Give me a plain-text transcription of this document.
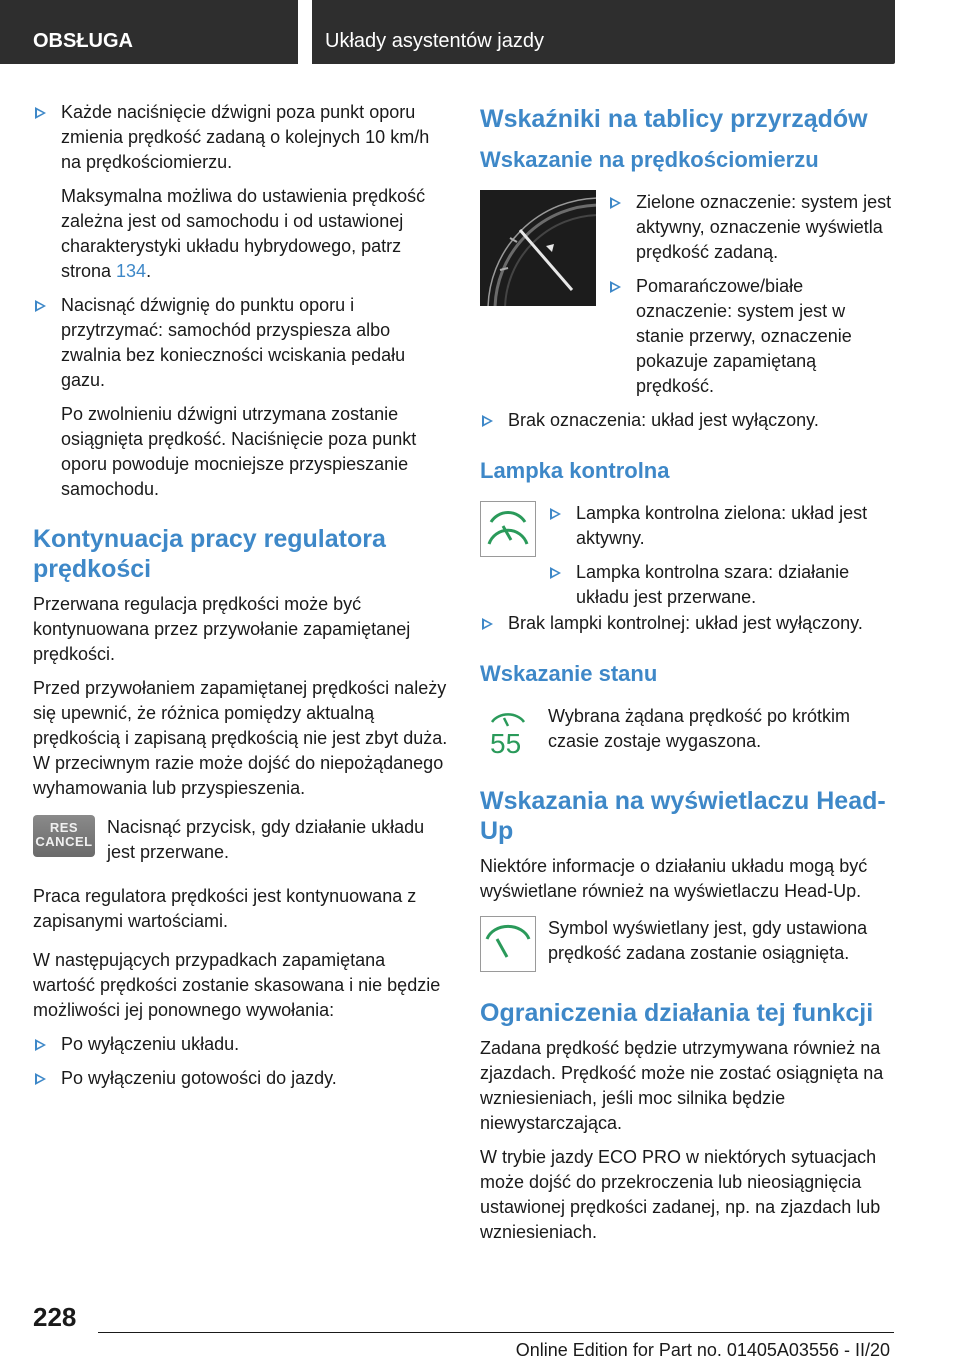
OBSŁUGA	Układy asystentów jazdy
Każde naciśnięcie dźwigni poza punkt oporu zmienia prędkość zadaną o kolejnych 10 km/h na prędkościomierzu.
Maksymalna możliwa do ustawienia prędkość zależna jest od samochodu i od ustawionej charakterystyki układu hybrydowego, patrz strona 134.
Nacisnąć dźwignię do punktu oporu i przytrzymać: samochód przyspiesza albo zwalnia bez konieczności wciskania pedału gazu.
Po zwolnieniu dźwigni utrzymana zostanie osiągnięta prędkość. Naciśnięcie poza punkt oporu powoduje mocniejsze przyspieszanie samochodu.
Kontynuacja pracy regulatora prędkości

Przerwana regulacja prędkości może być kontynuowana przez przywołanie zapamiętanej prędkości.

Przed przywołaniem zapamiętanej prędkości należy się upewnić, że różnica pomiędzy aktualną prędkością i zapisaną prędkością nie jest zbyt duża. W przeciwnym razie może dojść do niepożądanego wyhamowania lub przyspieszenia.

RES
CANCEL
Nacisnąć przycisk, gdy działanie układu jest przerwane.

Praca regulatora prędkości jest kontynuowana z zapisanymi wartościami.

W następujących przypadkach zapamiętana wartość prędkości zostanie skasowana i nie będzie możliwości jej ponownego wywołania:

Po wyłączeniu układu.
Po wyłączeniu gotowości do jazdy.
Wskaźniki na tablicy przyrządów
Wskazanie na prędkościomierzu
Zielone oznaczenie: system jest aktywny, oznaczenie wyświetla prędkość zadaną.
Pomarańczowe/białe oznaczenie: system jest w stanie przerwy, oznaczenie pokazuje zapamiętaną prędkość.
Brak oznaczenia: układ jest wyłączony.
Lampka kontrolna
Lampka kontrolna zielona: układ jest aktywny.
Lampka kontrolna szara: działanie układu jest przerwane.
Brak lampki kontrolnej: układ jest wyłączony.
Wskazanie stanu
55
Wybrana żądana prędkość po krótkim czasie zostaje wygaszona.
Wskazania na wyświetlaczu Head-Up

Niektóre informacje o działaniu układu mogą być wyświetlane również na wyświetlaczu Head-Up.

Symbol wyświetlany jest, gdy ustawiona prędkość zadana zostanie osiągnięta.
Ograniczenia działania tej funkcji

Zadana prędkość będzie utrzymywana również na zjazdach. Prędkość może nie zostać osiągnięta na wzniesieniach, jeśli moc silnika będzie niewystarczająca.

W trybie jazdy ECO PRO w niektórych sytuacjach może dojść do przekroczenia lub nieosiągnięcia ustawionej prędkości zadanej, np. na zjazdach lub wzniesieniach.

228
Online Edition for Part no. 01405A03556 - II/20
